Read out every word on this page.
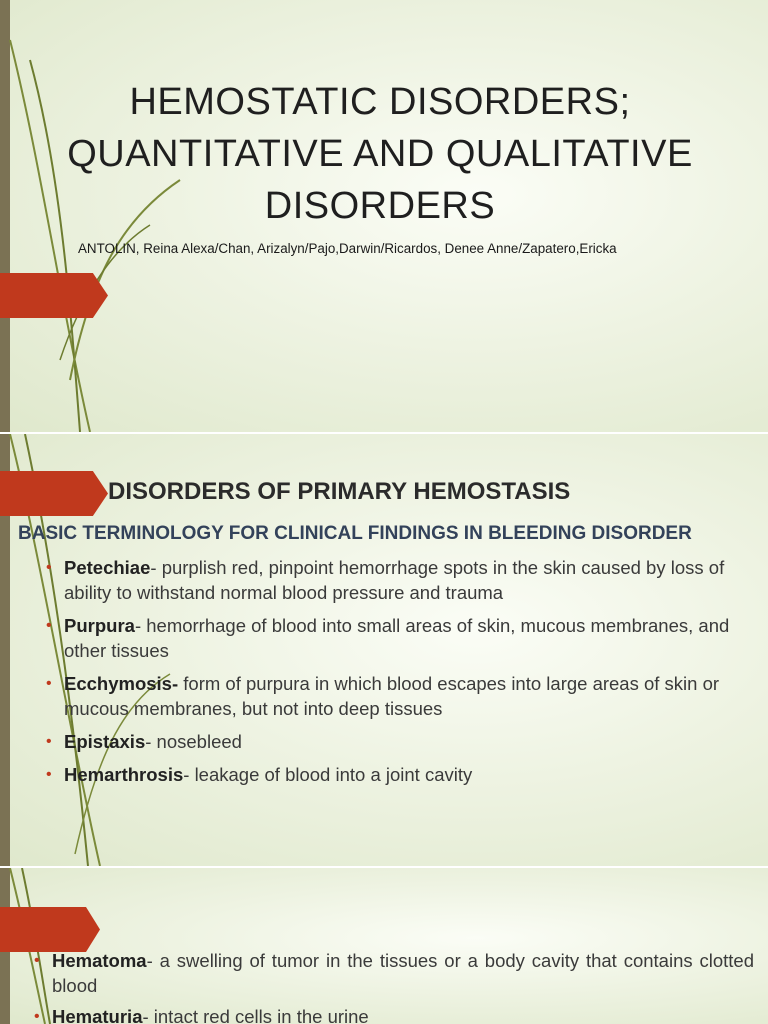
HEMOSTATIC DISORDERS;
QUANTITATIVE AND QUALITATIVE
DISORDERS

ANTOLIN, Reina Alexa/Chan, Arizalyn/Pajo,Darwin/Ricardos, Denee Anne/Zapatero,Ericka

DISORDERS OF PRIMARY HEMOSTASIS
BASIC TERMINOLOGY FOR CLINICAL FINDINGS IN BLEEDING DISORDER
• Petechiae- purplish red, pinpoint hemorrhage spots in the skin caused by loss of ability to withstand normal blood pressure and trauma
• Purpura- hemorrhage of blood into small areas of skin, mucous membranes, and other tissues
• Ecchymosis- form of purpura in which blood escapes into large areas of skin or mucous membranes, but not into deep tissues
• Epistaxis- nosebleed
• Hemarthrosis- leakage of blood into a joint cavity
• Hematoma- a swelling of tumor in the tissues or a body cavity that contains clotted blood
• Hematuria- intact red cells in the urine
